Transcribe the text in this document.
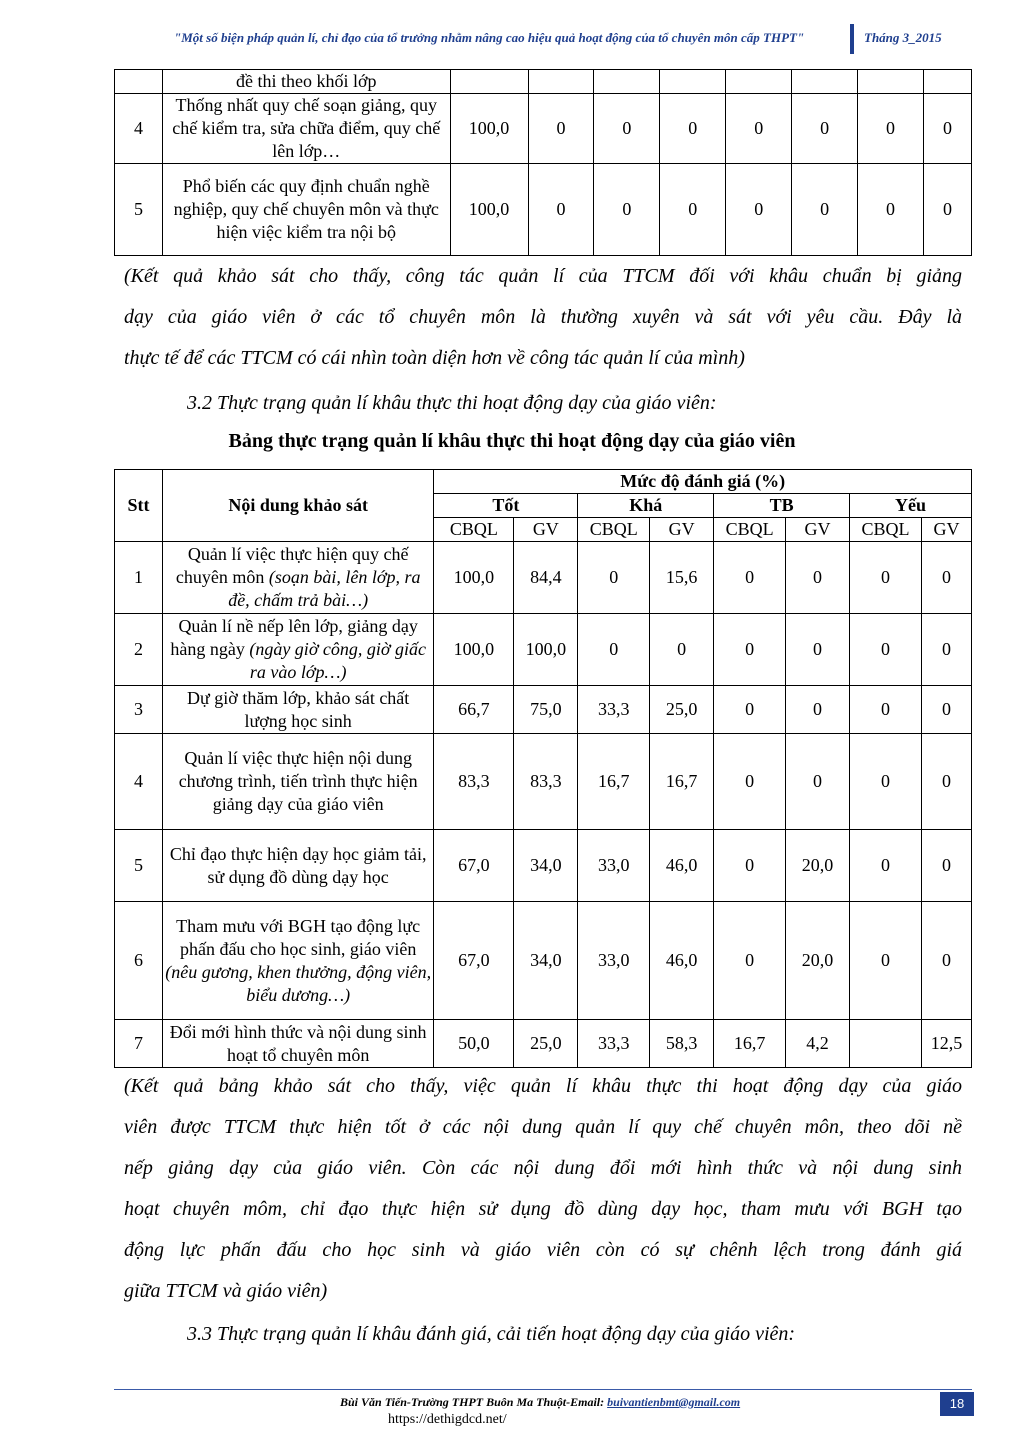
"Một số biện pháp quản lí, chỉ đạo của tổ trưởng nhằm nâng cao hiệu quả hoạt động của tổ chuyên môn cấp THPT"	Tháng 3_2015
	đề thi theo khối lớp								
4	Thống nhất quy chế soạn giảng, quy chế kiểm tra, sửa chữa điểm, quy chế lên lớp…	100,0	0	0	0	0	0	0	0
5	Phổ biến các quy định chuẩn nghề nghiệp, quy chế chuyên môn và thực hiện việc kiểm tra nội bộ	100,0	0	0	0	0	0	0	0
(Kết quả khảo sát cho thấy, công tác quản lí của TTCM đối với khâu chuẩn bị giảng
dạy của giáo viên ở các tổ chuyên môn là thường xuyên và sát với yêu cầu. Đây là
thực tế để các TTCM có cái nhìn toàn diện hơn về công tác quản lí của mình)
3.2 Thực trạng quản lí khâu thực thi hoạt động dạy của giáo viên:
Bảng thực trạng quản lí khâu thực thi hoạt động dạy của giáo viên
Stt	Nội dung khảo sát	Mức độ đánh giá (%)							
		Tốt		Khá		TB		Yếu	
		CBQL	GV	CBQL	GV	CBQL	GV	CBQL	GV
1	Quản lí việc thực hiện quy chế chuyên môn (soạn bài, lên lớp, ra đề, chấm trả bài…)	100,0	84,4	0	15,6	0	0	0	0
2	Quản lí nề nếp lên lớp, giảng dạy hàng ngày (ngày giờ công, giờ giấc ra vào lớp…)	100,0	100,0	0	0	0	0	0	0
3	Dự giờ thăm lớp, khảo sát chất lượng học sinh	66,7	75,0	33,3	25,0	0	0	0	0
4	Quản lí việc thực hiện nội dung chương trình, tiến trình thực hiện giảng dạy của giáo viên	83,3	83,3	16,7	16,7	0	0	0	0
5	Chỉ đạo thực hiện dạy học giảm tải, sử dụng đồ dùng dạy học	67,0	34,0	33,0	46,0	0	20,0	0	0
6	Tham mưu với BGH tạo động lực phấn đấu cho học sinh, giáo viên (nêu gương, khen thưởng, động viên, biểu dương…)	67,0	34,0	33,0	46,0	0	20,0	0	0
7	Đổi mới hình thức và nội dung sinh hoạt tổ chuyên môn	50,0	25,0	33,3	58,3	16,7	4,2		12,5
(Kết quả bảng khảo sát cho thấy, việc quản lí khâu thực thi hoạt động dạy của giáo
viên được TTCM thực hiện tốt ở các nội dung quản lí quy chế chuyên môn, theo dõi nề
nếp giảng dạy của giáo viên. Còn các nội dung đổi mới hình thức và nội dung sinh
hoạt chuyên môm, chỉ đạo thực hiện sử dụng đồ dùng dạy học, tham mưu với BGH tạo
động lực phấn đấu cho học sinh và giáo viên còn có sự chênh lệch trong đánh giá
giữa TTCM và giáo viên)
3.3 Thực trạng quản lí khâu đánh giá, cải tiến hoạt động dạy của giáo viên:
Bùi Văn Tiến-Trường THPT Buôn Ma Thuột-Email: buivantienbmt@gmail.com	18
https://dethigdcd.net/
